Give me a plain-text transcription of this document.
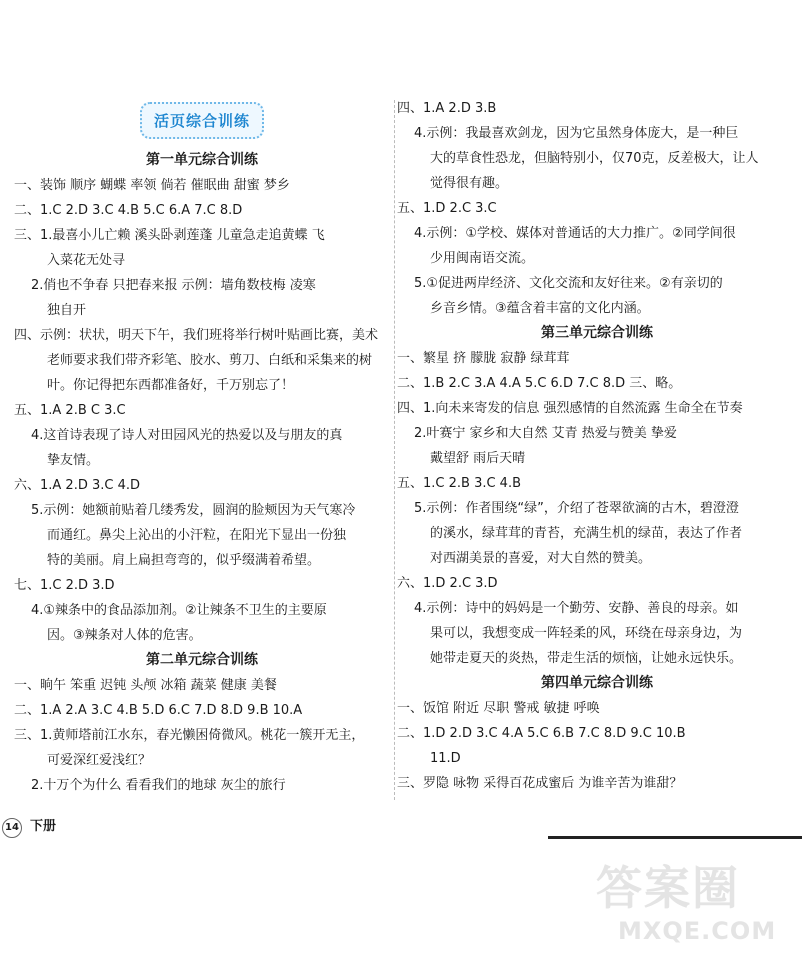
活页综合训练
第一单元综合训练
一、装饰 顺序 蝴蝶 率领 倘若 催眠曲 甜蜜 梦乡
二、1.C 2.D 3.C 4.B 5.C 6.A 7.C 8.D
三、1.最喜小儿亡赖 溪头卧剥莲蓬 儿童急走追黄蝶 飞
入菜花无处寻
2.俏也不争春 只把春来报 示例：墙角数枝梅 凌寒
独自开
四、示例：状状，明天下午，我们班将举行树叶贴画比赛，美术
老师要求我们带齐彩笔、胶水、剪刀、白纸和采集来的树
叶。你记得把东西都准备好，千万别忘了！
五、1.A 2.B C 3.C
4.这首诗表现了诗人对田园风光的热爱以及与朋友的真
挚友情。
六、1.A 2.D 3.C 4.D
5.示例：她额前贴着几缕秀发，圆润的脸颊因为天气寒冷
而通红。鼻尖上沁出的小汗粒，在阳光下显出一份独
特的美丽。肩上扁担弯弯的，似乎缀满着希望。
七、1.C 2.D 3.D
4.①辣条中的食品添加剂。②让辣条不卫生的主要原
因。③辣条对人体的危害。
第二单元综合训练
一、晌午 笨重 迟钝 头颅 冰箱 蔬菜 健康 美餐
二、1.A 2.A 3.C 4.B 5.D 6.C 7.D 8.D 9.B 10.A
三、1.黄师塔前江水东，春光懒困倚微风。桃花一簇开无主，
可爱深红爱浅红？
2.十万个为什么 看看我们的地球 灰尘的旅行
四、1.A 2.D 3.B
4.示例：我最喜欢剑龙，因为它虽然身体庞大，是一种巨
大的草食性恐龙，但脑特别小，仅70克，反差极大，让人
觉得很有趣。
五、1.D 2.C 3.C
4.示例：①学校、媒体对普通话的大力推广。②同学间很
少用闽南语交流。
5.①促进两岸经济、文化交流和友好往来。②有亲切的
乡音乡情。③蕴含着丰富的文化内涵。
第三单元综合训练
一、繁星 挤 朦胧 寂静 绿茸茸
二、1.B 2.C 3.A 4.A 5.C 6.D 7.C 8.D 三、略。
四、1.向未来寄发的信息 强烈感情的自然流露 生命全在节奏
2.叶赛宁 家乡和大自然 艾青 热爱与赞美 挚爱
戴望舒 雨后天晴
五、1.C 2.B 3.C 4.B
5.示例：作者围绕“绿”，介绍了苍翠欲滴的古木，碧澄澄
的溪水，绿茸茸的青苔，充满生机的绿苗，表达了作者
对西湖美景的喜爱，对大自然的赞美。
六、1.D 2.C 3.D
4.示例：诗中的妈妈是一个勤劳、安静、善良的母亲。如
果可以，我想变成一阵轻柔的风，环绕在母亲身边，为
她带走夏天的炎热，带走生活的烦恼，让她永远快乐。
第四单元综合训练
一、饭馆 附近 尽职 警戒 敏捷 呼唤
二、1.D 2.D 3.C 4.A 5.C 6.B 7.C 8.D 9.C 10.B
11.D
三、罗隐 咏物 采得百花成蜜后 为谁辛苦为谁甜？
14 下册
答案圈
MXQE.COM
